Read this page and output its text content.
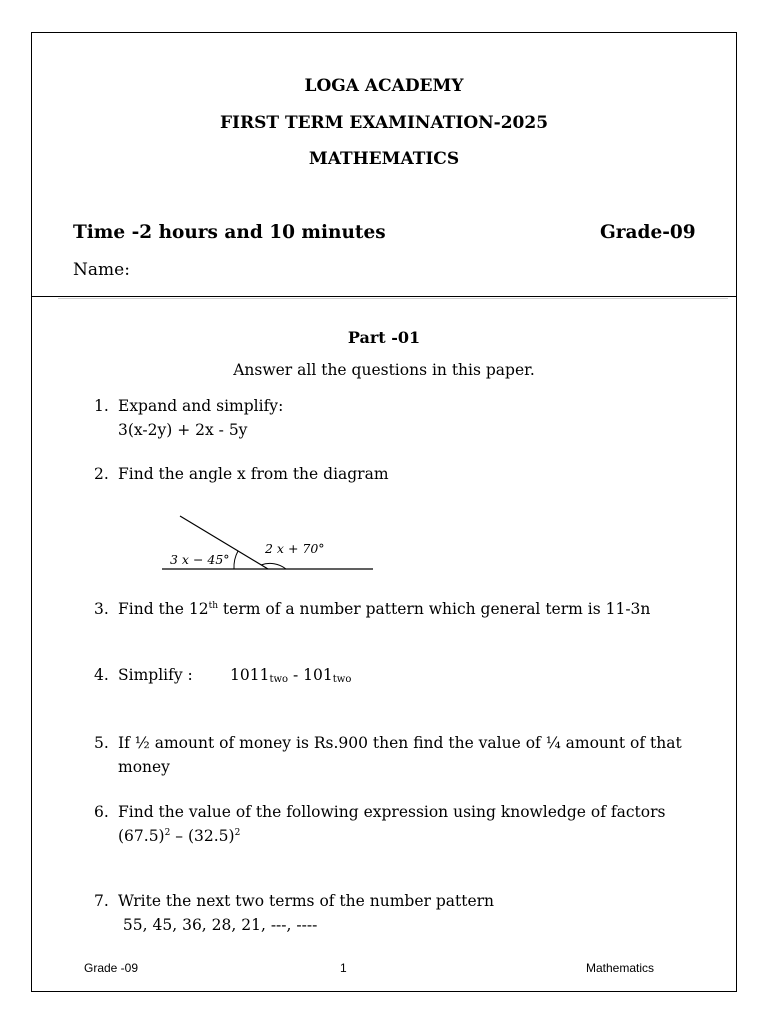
LOGA ACADEMY
FIRST TERM EXAMINATION-2025
MATHEMATICS
Time -2 hours and 10 minutes	Grade-09
Name:
Part -01
Answer all the questions in this paper.
1. Expand and simplify:
3(x-2y) + 2x - 5y
2. Find the angle x from the diagram
3 x − 45°
2 x + 70°
3. Find the 12th term of a number pattern which general term is 11-3n
4. Simplify : $1011_{two} - 101_{two}$
5. If ½ amount of money is Rs.900 then find the value of ¼ amount of that
money
6. Find the value of the following expression using knowledge of factors
$(67.5)^2 - (32.5)^2$
7. Write the next two terms of the number pattern
55, 45, 36, 28, 21, ---, ----
Grade -09	1	Mathematics
